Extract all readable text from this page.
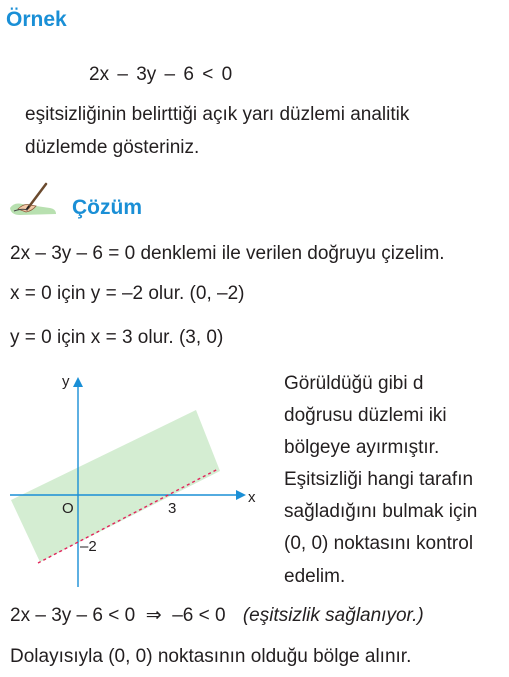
Örnek
2x – 3y – 6 < 0
eşitsizliğinin belirttiği açık yarı düzlemi analitik
düzlemde gösteriniz.
Çözüm
2x – 3y – 6 = 0 denklemi ile verilen doğruyu çizelim.
x = 0 için y = –2 olur. (0, –2)
y = 0 için x = 3 olur. (3, 0)
x
y
O	3
–2
Görüldüğü gibi d
doğrusu düzlemi iki
bölgeye ayırmıştır.
Eşitsizliği hangi tarafın
sağladığını bulmak için
(0, 0) noktasını kontrol
edelim.
2x – 3y – 6 < 0  ⇒  –6 < 0 (eşitsizlik sağlanıyor.)
Dolayısıyla (0, 0) noktasının olduğu bölge alınır.
